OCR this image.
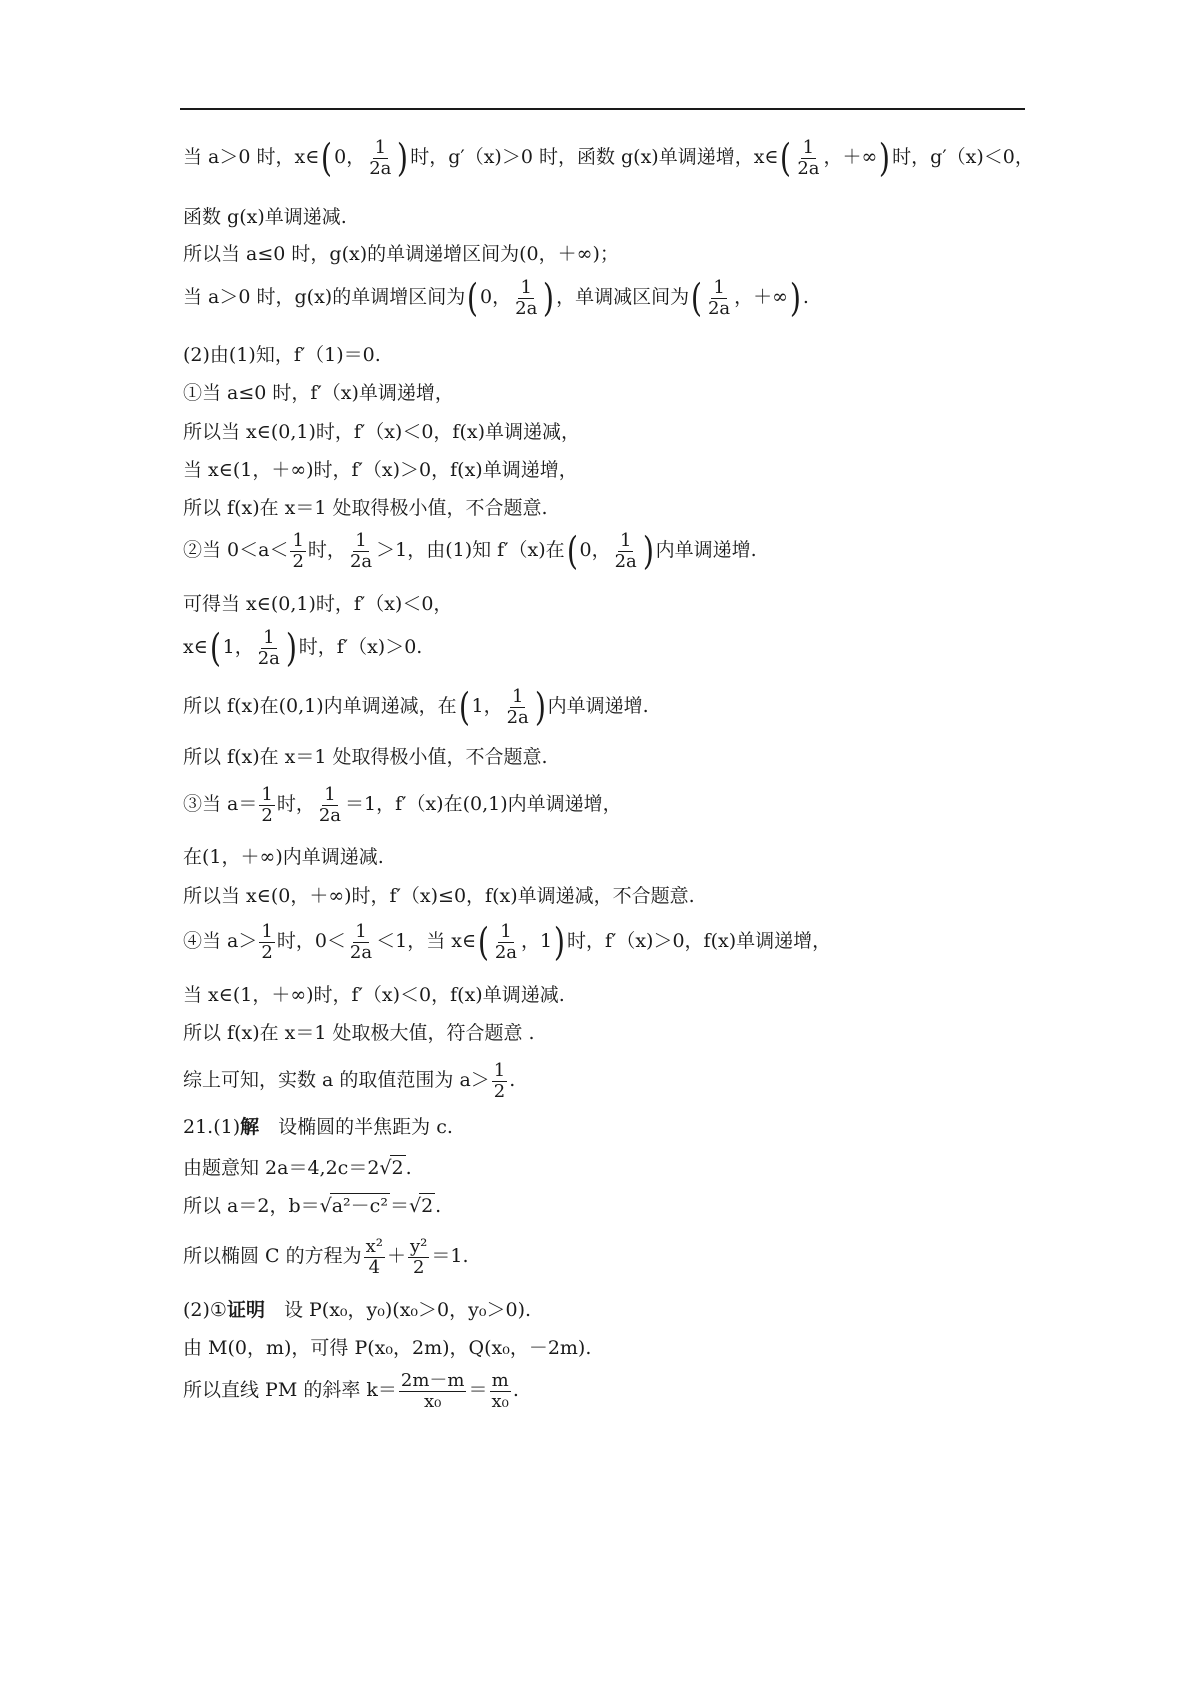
当 a＞0 时，x∈(0， $\frac{1}{2a}$ )时，g′（x)＞0 时，函数 g(x)单调递增，x∈( $\frac{1}{2a}$ ，＋∞)时，g′（x)＜0，
函数 g(x)单调递减.
所以当 a≤0 时，g(x)的单调递增区间为(0，＋∞)；
当 a＞0 时，g(x)的单调增区间为(0， $\frac{1}{2a}$ )，单调减区间为( $\frac{1}{2a}$ ，＋∞).
(2)由(1)知，f′（1)＝0.
①当 a≤0 时，f′（x)单调递增，
所以当 x∈(0,1)时，f′（x)＜0，f(x)单调递减，
当 x∈(1，＋∞)时，f′（x)＞0，f(x)单调递增，
所以 f(x)在 x＝1 处取得极小值，不合题意.
②当 $0<a< \frac{1}{2}$ 时， $\frac{1}{2a} >1$，由(1)知 f′（x)在(0， $\frac{1}{2a}$ )内单调递增.
可得当 x∈(0,1)时，f′（x)＜0，
x∈(1， $\frac{1}{2a}$ )时，f′（x)＞0.
所以 f(x)在(0,1)内单调递减，在(1， $\frac{1}{2a}$ )内单调递增.
所以 f(x)在 x＝1 处取得极小值，不合题意.
③当 $a= \frac{1}{2}$ 时， $\frac{1}{2a} =1$，f′（x)在(0,1)内单调递增，
在(1，＋∞)内单调递减.
所以当 x∈(0，＋∞)时，f′（x)≤0，f(x)单调递减，不合题意.
④当 $a> \frac{1}{2}$ 时，$0< \frac{1}{2a} <1$，当 x∈( $\frac{1}{2a}$ ，1)时，f′（x)＞0，f(x)单调递增，
当 x∈(1，＋∞)时，f′（x)＜0，f(x)单调递减.
所以 f(x)在 x＝1 处取极大值，符合题意 .
综上可知，实数 a 的取值范围为 $a> \frac{1}{2}$ .
21.(1)解　设椭圆的半焦距为 c.
由题意知 2a＝4,2c＝2√2 .
所以 a＝2，b＝√a²－c² ＝√2 .
所以椭圆 C 的方程为 $\frac{\text{x²}}{4} + \frac{\text{y²}}{2} =1$.
(2)①证明　设 P(x₀，y₀)(x₀＞0，y₀＞0).
由 M(0，m)，可得 P(x₀，2m)，Q(x₀，－2m).
所以直线 PM 的斜率 $k= \frac{2m-m}{\text{x₀}} = \frac{m}{\text{x₀}}$ .
